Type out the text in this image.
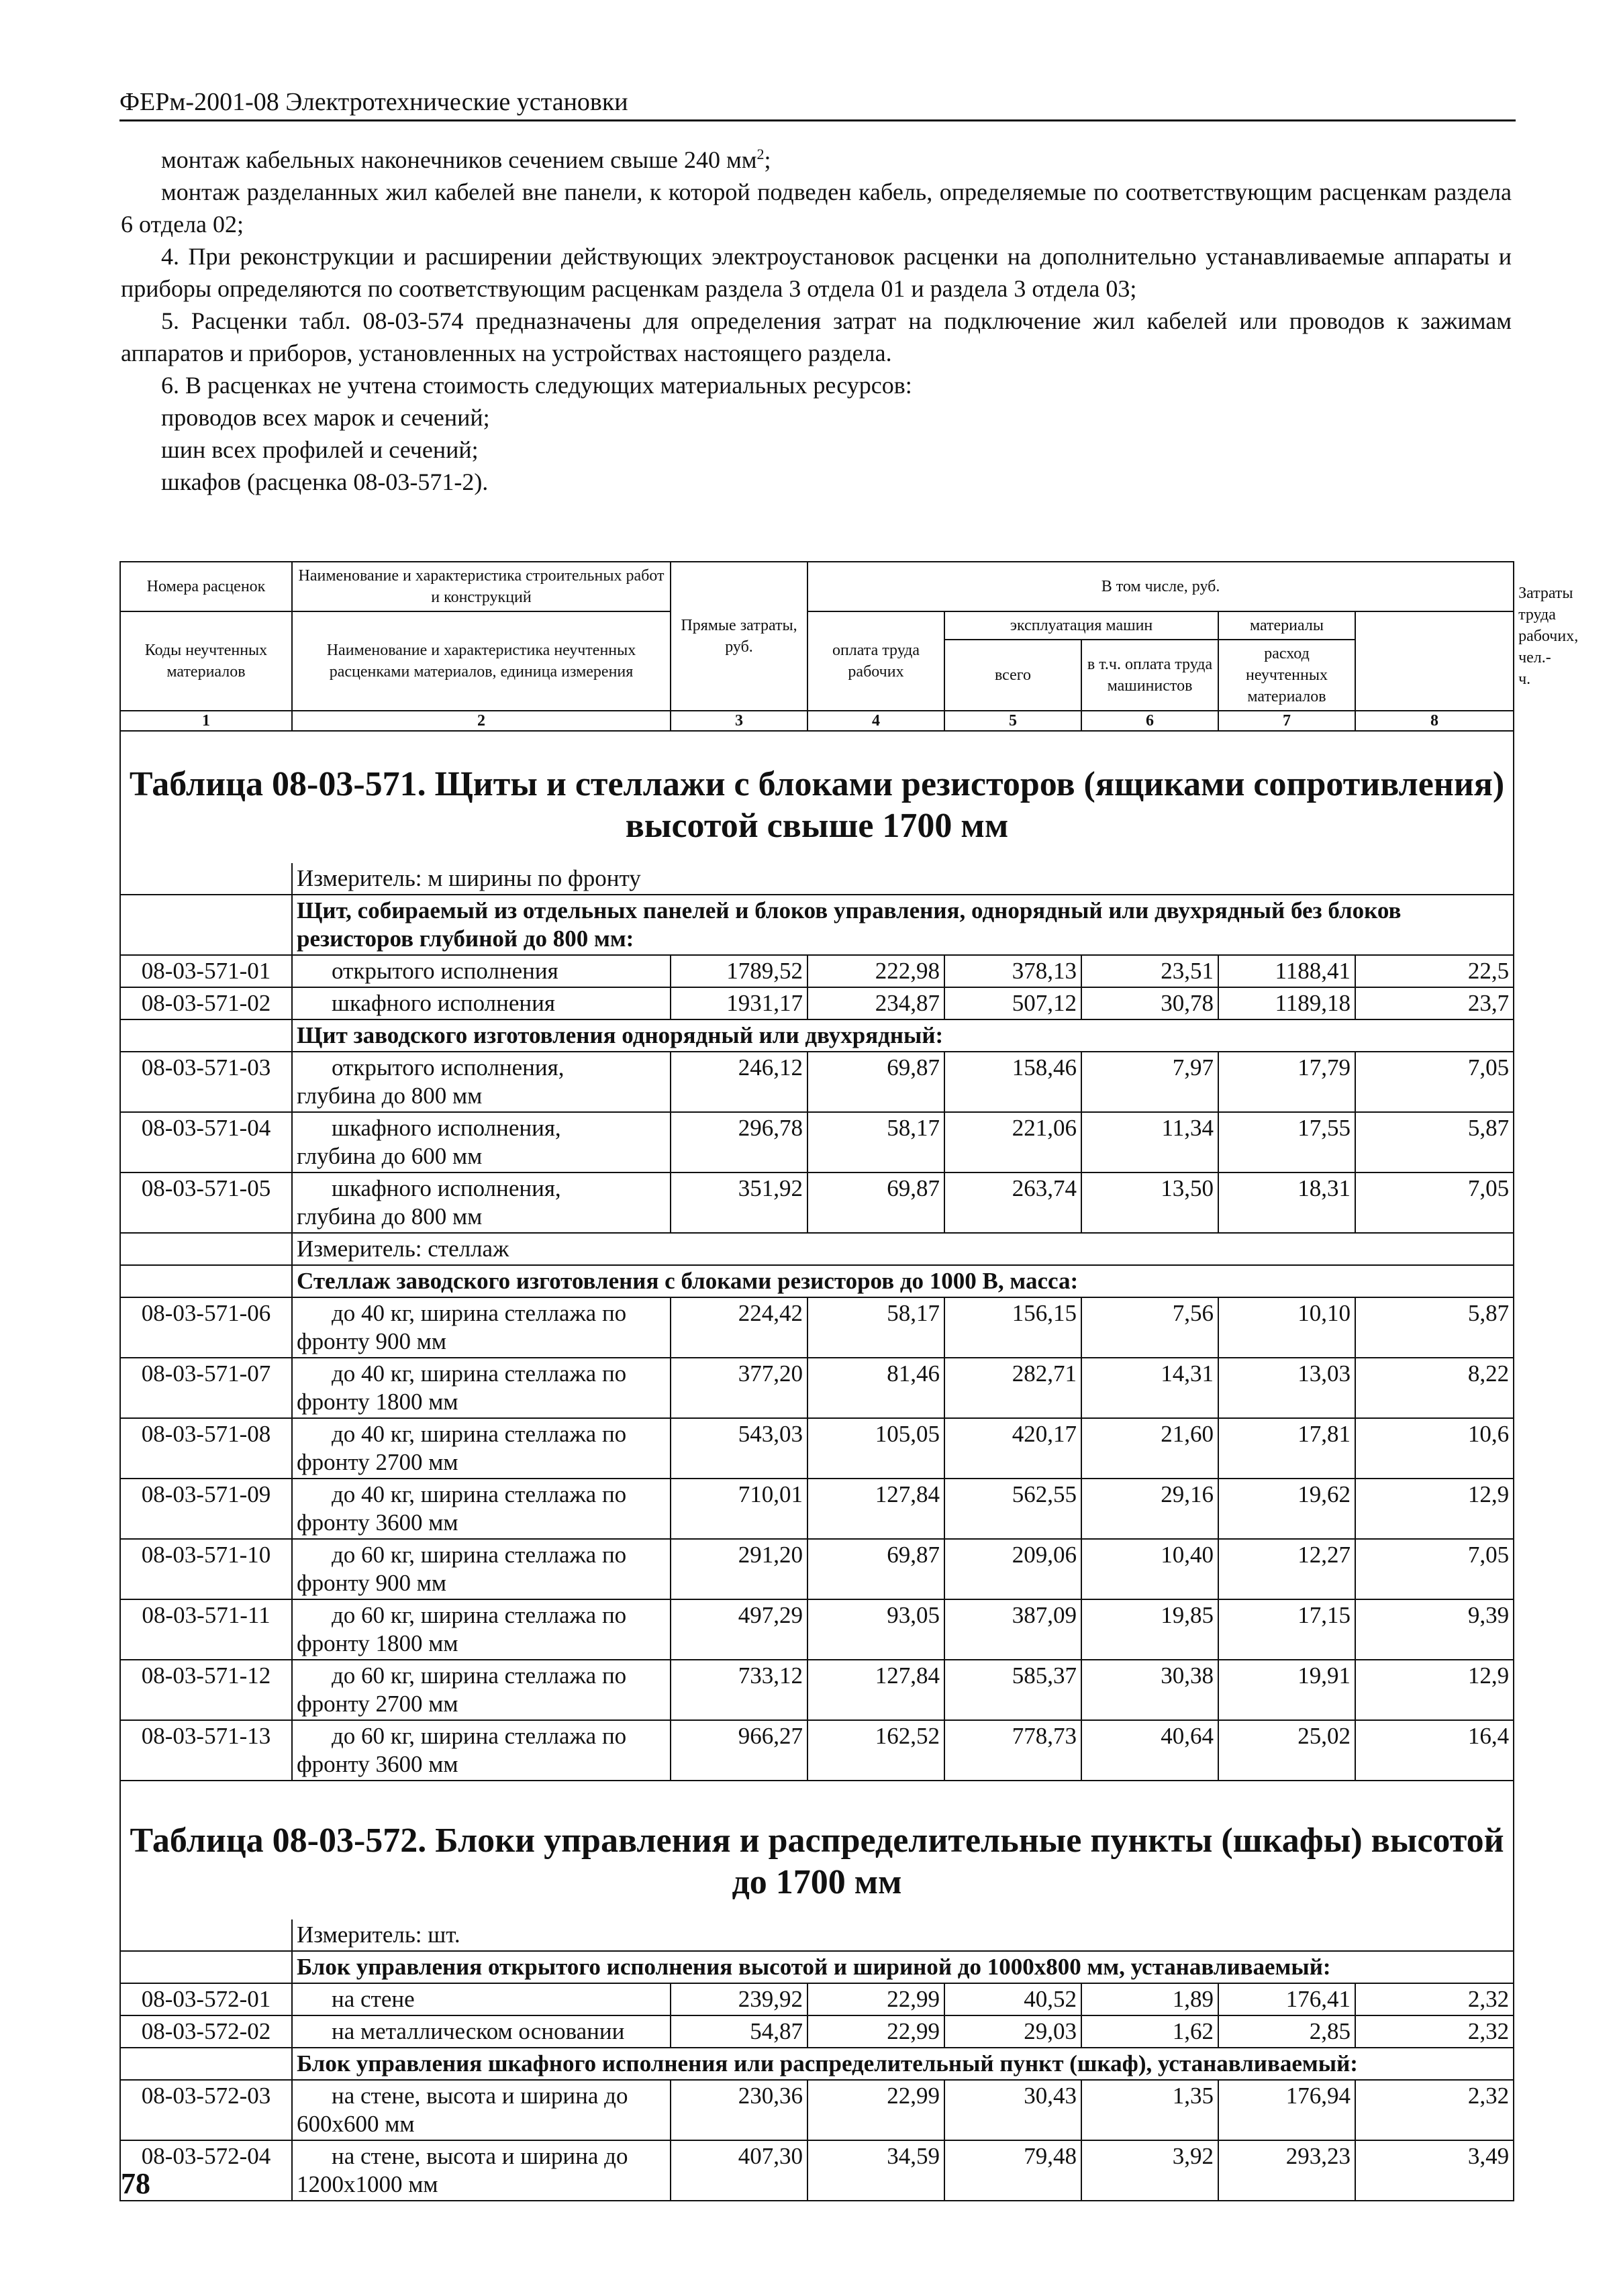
ФЕРм-2001-08 Электротехнические установки

монтаж кабельных наконечников сечением свыше 240 $мм^2$;

монтаж разделанных жил кабелей вне панели, к которой подведен кабель, определяемые по соответствующим расценкам раздела 6 отдела 02;

4. При реконструкции и расширении действующих электроустановок расценки на дополнительно устанавливаемые аппараты и приборы определяются по соответствующим расценкам раздела 3 отдела 01 и раздела 3 отдела 03;

5. Расценки табл. 08-03-574 предназначены для определения затрат на подключение жил кабелей или проводов к зажимам аппаратов и приборов, установленных на устройствах настоящего раздела.

6. В расценках не учтена стоимость следующих материальных ресурсов:

проводов всех марок и сечений;

шин всех профилей и сечений;

шкафов (расценка 08-03-571-2).

Номера расценок	Наименование и характеристика строительных работ и конструкций	Прямые затраты, руб.	В том числе, руб.					Затраты труда рабочих, чел.-ч.
Коды неучтенных материалов	Наименование и характеристика неучтенных расценками материалов, единица измерения		оплата труда рабочих	эксплуатация машин		материалы		
				всего	в т.ч. оплата труда машинистов	расход неучтенных материалов		
1	2	3	4	5	6	7	8	

Таблица 08-03-571. Щиты и стеллажи с блоками резисторов (ящиками сопротивления) высотой свыше 1700 мм								

	Измеритель: м ширины по фронту							
	Щит, собираемый из отдельных панелей и блоков управления, однорядный или двухрядный без блоков резисторов глубиной до 800 мм:							
08-03-571-01	открытого исполнения	1789,52	222,98	378,13	23,51	1188,41	22,5	
08-03-571-02	шкафного исполнения	1931,17	234,87	507,12	30,78	1189,18	23,7	
	Щит заводского изготовления однорядный или двухрядный:							
08-03-571-03	открытого исполнения,
глубина до 800 мм	246,12	69,87	158,46	7,97	17,79	7,05	
08-03-571-04	шкафного исполнения,
глубина до 600 мм	296,78	58,17	221,06	11,34	17,55	5,87	
08-03-571-05	шкафного исполнения,
глубина до 800 мм	351,92	69,87	263,74	13,50	18,31	7,05	
	Измеритель: стеллаж							
	Стеллаж заводского изготовления с блоками резисторов до 1000 В, масса:							
08-03-571-06	до 40 кг, ширина стеллажа по
фронту 900 мм	224,42	58,17	156,15	7,56	10,10	5,87	
08-03-571-07	до 40 кг, ширина стеллажа по
фронту 1800 мм	377,20	81,46	282,71	14,31	13,03	8,22	
08-03-571-08	до 40 кг, ширина стеллажа по
фронту 2700 мм	543,03	105,05	420,17	21,60	17,81	10,6	
08-03-571-09	до 40 кг, ширина стеллажа по
фронту 3600 мм	710,01	127,84	562,55	29,16	19,62	12,9	
08-03-571-10	до 60 кг, ширина стеллажа по
фронту 900 мм	291,20	69,87	209,06	10,40	12,27	7,05	
08-03-571-11	до 60 кг, ширина стеллажа по
фронту 1800 мм	497,29	93,05	387,09	19,85	17,15	9,39	
08-03-571-12	до 60 кг, ширина стеллажа по
фронту 2700 мм	733,12	127,84	585,37	30,38	19,91	12,9	
08-03-571-13	до 60 кг, ширина стеллажа по
фронту 3600 мм	966,27	162,52	778,73	40,64	25,02	16,4	

Таблица 08-03-572. Блоки управления и распределительные пункты (шкафы) высотой до 1700 мм								

	Измеритель: шт.							
	Блок управления открытого исполнения высотой и шириной до 1000х800 мм, устанавливаемый:							
08-03-572-01	на стене	239,92	22,99	40,52	1,89	176,41	2,32	
08-03-572-02	на металлическом основании	54,87	22,99	29,03	1,62	2,85	2,32	
	Блок управления шкафного исполнения или распределительный пункт (шкаф), устанавливаемый:							
08-03-572-03	на стене, высота и ширина до
600х600 мм	230,36	22,99	30,43	1,35	176,94	2,32	
08-03-572-04	на стене, высота и ширина до
1200х1000 мм	407,30	34,59	79,48	3,92	293,23	3,49	
78
